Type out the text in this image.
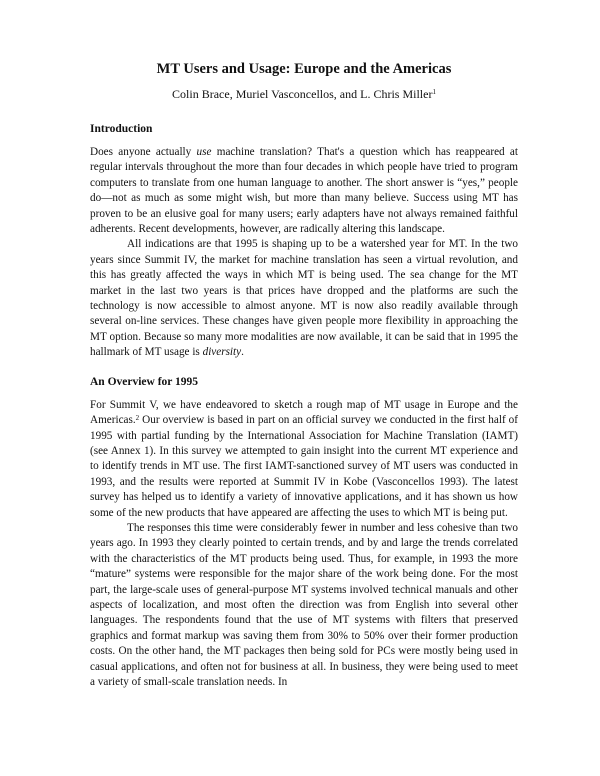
MT Users and Usage: Europe and the Americas
Colin Brace, Muriel Vasconcellos, and L. Chris Miller$^1$
Introduction

Does anyone actually use machine translation? That's a question which has reappeared at regular intervals throughout the more than four decades in which people have tried to program computers to translate from one human language to another. The short answer is “yes,” people do—not as much as some might wish, but more than many believe. Success using MT has proven to be an elusive goal for many users; early adapters have not always remained faithful adherents. Recent developments, however, are radically altering this landscape.

All indications are that 1995 is shaping up to be a watershed year for MT. In the two years since Summit IV, the market for machine translation has seen a virtual revolution, and this has greatly affected the ways in which MT is being used. The sea change for the MT market in the last two years is that prices have dropped and the platforms are such the technology is now accessible to almost anyone. MT is now also readily available through several on-line services. These changes have given people more flexibility in approaching the MT option. Because so many more modalities are now available, it can be said that in 1995 the hallmark of MT usage is diversity.

An Overview for 1995

For Summit V, we have endeavored to sketch a rough map of MT usage in Europe and the Americas.$^2$ Our overview is based in part on an official survey we conducted in the first half of 1995 with partial funding by the International Association for Machine Translation (IAMT) (see Annex 1). In this survey we attempted to gain insight into the current MT experience and to identify trends in MT use. The first IAMT-sanctioned survey of MT users was conducted in 1993, and the results were reported at Summit IV in Kobe (Vasconcellos 1993). The latest survey has helped us to identify a variety of innovative applications, and it has shown us how some of the new products that have appeared are affecting the uses to which MT is being put.

The responses this time were considerably fewer in number and less cohesive than two years ago. In 1993 they clearly pointed to certain trends, and by and large the trends correlated with the characteristics of the MT products being used. Thus, for example, in 1993 the more “mature” systems were responsible for the major share of the work being done. For the most part, the large-scale uses of general-purpose MT systems involved technical manuals and other aspects of localization, and most often the direction was from English into several other languages. The respondents found that the use of MT systems with filters that preserved graphics and format markup was saving them from 30% to 50% over their former production costs. On the other hand, the MT packages then being sold for PCs were mostly being used in casual applications, and often not for business at all. In business, they were being used to meet a variety of small-scale translation needs. In
